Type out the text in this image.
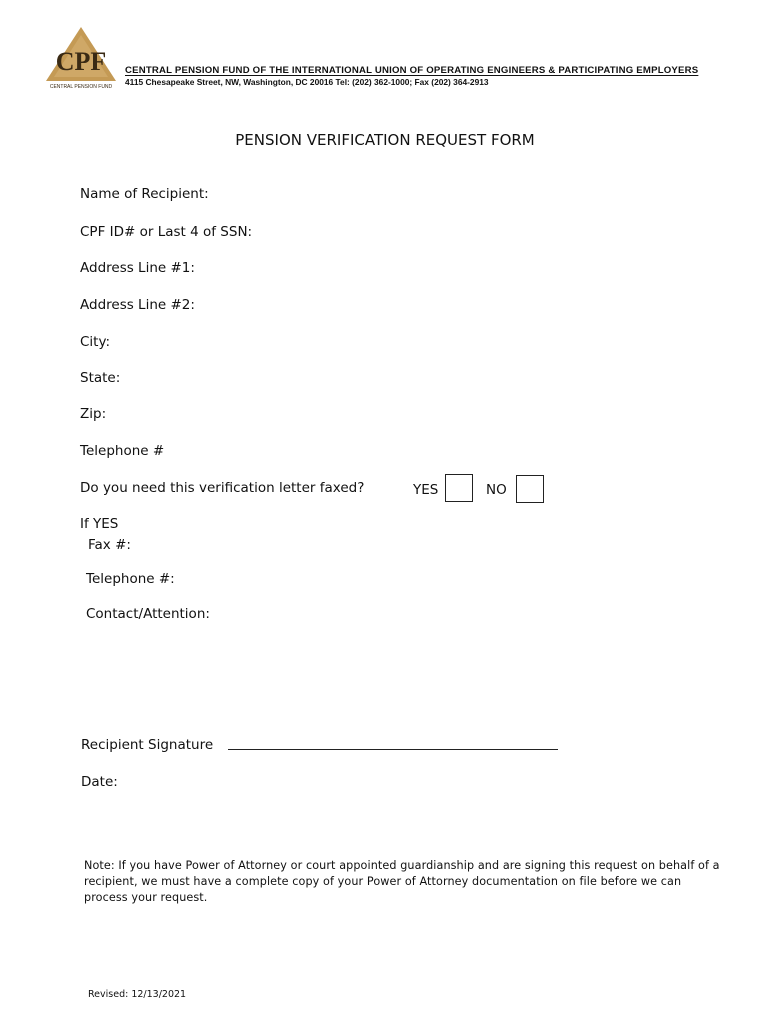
CPF
CENTRAL PENSION FUND
CENTRAL PENSION FUND OF THE INTERNATIONAL UNION OF OPERATING ENGINEERS & PARTICIPATING EMPLOYERS
4115 Chesapeake Street, NW, Washington, DC 20016 Tel: (202) 362-1000; Fax (202) 364-2913
PENSION VERIFICATION REQUEST FORM
Name of Recipient:
CPF ID# or Last 4 of SSN:
Address Line #1:
Address Line #2:
City:
State:
Zip:
Telephone #
Do you need this verification letter faxed?	YES	NO
If YES
Fax #:
Telephone #:
Contact/Attention:
Recipient Signature
Date:
Note: If you have Power of Attorney or court appointed guardianship and are signing this request on behalf of a recipient, we must have a complete copy of your Power of Attorney documentation on file before we can process your request.
Revised: 12/13/2021
